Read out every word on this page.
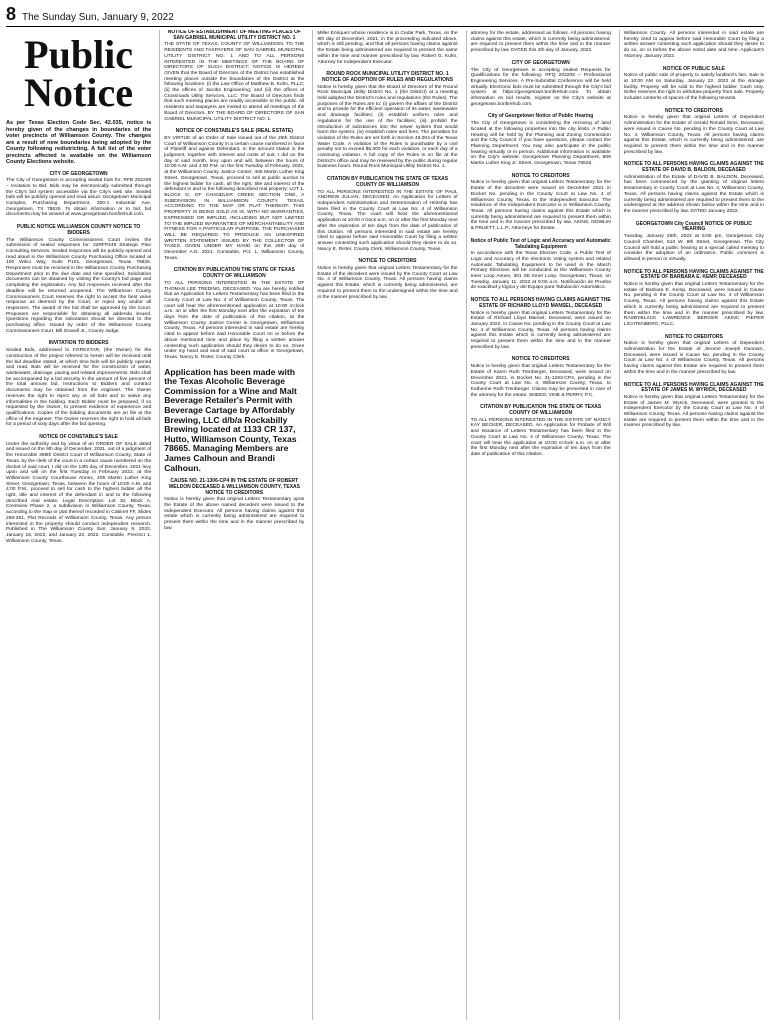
8 The Sunday Sun, January 9, 2022
Public Notice
As per Texas Election Code Sec. 42.035, notice is hereby given of the changes in boundaries of the voter precincts of Williamson County. The changes are a result of new boundaries being adopted by the County following redistricting. A full list of the voter precincts affected is available on the Williamson County Elections website.
CITY OF GEORGETOWN
The City of Georgetown is accepting sealed bids for: RFB 202209 – Invitation to Bid. Bids may be electronically submitted through the City's bid system accessible via the City's web site. Sealed bids will be publicly opened and read aloud. Georgetown Municipal Complex, Purchasing Department, 300-1 Industrial Ave, Georgetown, TX 78626. To obtain information or to bid, bid documents may be viewed at www.georgetown.bonfirehub.com.
PUBLIC NOTICE WILLIAMSON COUNTY NOTICE TO BIDDERS
The Williamson County Commissioners Court invites the submission of sealed responses for: 22RFP249 Strategic Plan Consulting Services. Sealed responses will be publicly opened and read aloud in the Williamson County Purchasing Office located at 100 Wilco Way, Suite P101, Georgetown, Texas 78626. Responses must be received in the Williamson County Purchasing Department prior to the due date and time specified. Solicitation documents can be obtained by visiting the County's bid page and completing the registration. Any bid responses received after the deadline will be returned unopened. The Williamson County Commissioners Court reserves the right to accept the best value response as deemed by the Court, or reject any and/or all responses. The award of the bid shall be approved by the Court. Proposers are responsible for obtaining all addenda issued. Questions regarding this solicitation should be directed to the purchasing office. Issued by order of the Williamson County Commissioners Court. Bill Gravell Jr., County Judge.
INVITATION TO BIDDERS
Sealed Bids, addressed to FORESTAR, (the Owner) for the construction of the project referred to herein will be received until the bid deadline stated, at which time bids will be publicly opened and read. Bids will be received for the construction of water, wastewater, drainage, paving and related improvements. Bids shall be accompanied by a bid security in the amount of five percent of the total amount bid. Instructions to Bidders and contract documents may be obtained from the engineer. The Owner reserves the right to reject any or all bids and to waive any informalities in the bidding. Each Bidder must be prepared, if so requested by the Owner, to present evidence of experience and qualifications. Copies of the bidding documents are on file at the office of the engineer. The Owner reserves the right to hold all bids for a period of sixty days after the bid opening.
NOTICE OF CONSTABLE'S SALE
Under the authority and by virtue of an ORDER OF SALE dated and issued on the 9th day of December, 2021, out of a judgment of the Honorable 368th District Court of Williamson County, State of Texas, by the clerk of the court in a certain cause numbered on the docket of said court, I did on the 13th day of December, 2021 levy upon and will on the first Tuesday in February 2022, at the Williamson County Courthouse Annex, 405 Martin Luther King Street, Georgetown, Texas, between the hours of 10:00 A.M. and 4:00 P.M., proceed to sell for cash to the highest bidder all the right, title and interest of the defendant in and to the following described real estate. Legal Description: Lot 10, Block A, Crestview Phase 2, a subdivision in Williamson County, Texas, according to the map or plat thereof recorded in Cabinet FF, Slides 260-261, Plat Records of Williamson County, Texas. Any person interested in the property should conduct independent research. Published in The Williamson County Sun, January 9, 2022, January 16, 2022, and January 23, 2022. Constable, Precinct 1, Williamson County, Texas.
NOTICE OF ESTABLISHMENT OF MEETING PLACES OF SAN GABRIEL MUNICIPAL UTILITY DISTRICT NO. 1
THE STATE OF TEXAS, COUNTY OF WILLIAMSON. TO THE RESIDENTS AND TAXPAYERS OF SAN GABRIEL MUNICIPAL UTILITY DISTRICT NO. 1 AND TO ALL PERSONS INTERESTED IN THE MEETINGS OF THE BOARD OF DIRECTORS OF SUCH DISTRICT: NOTICE IS HEREBY GIVEN that the Board of Directors of the District has established meeting places outside the boundaries of the District at the following locations: (i) the Law Office of Matthew B. Kuhn, PLLC; (ii) the offices of Jacobs Engineering; and (iii) the offices of Crossroads Utility Services, LLC. The Board of Directors finds that such meeting places are readily accessible to the public. All residents and taxpayers are invited to attend all meetings of the Board of Directors. BY THE BOARD OF DIRECTORS OF SAN GABRIEL MUNICIPAL UTILITY DISTRICT NO. 1.
NOTICE OF CONSTABLE'S SALE (REAL ESTATE)
BY VIRTUE of an Order of Sale issued out of the 26th District Court of Williamson County in a certain cause numbered in favor of Plaintiff and against Defendant, in the amount stated in the judgment, together with interest and costs of suit, I did on the day of said month, levy upon and will, between the hours of 10:00 A.M. and 4:00 P.M. on the first Tuesday of February, 2022, at the Williamson County Justice Center, 405 Martin Luther King Street, Georgetown, Texas, proceed to sell at public auction to the highest bidder for cash, all the right, title and interest of the defendant in and to the following described real property: LOT 1, BLOCK D, OF CHANDLER CREEK SECTION ONE, A SUBDIVISION IN WILLIAMSON COUNTY, TEXAS, ACCORDING TO THE MAP OR PLAT THEREOF. THIS PROPERTY IS BEING SOLD AS IS, WITH NO WARRANTIES, EXPRESSED OR IMPLIED, INCLUDING BUT NOT LIMITED TO THE IMPLIED WARRANTIES OF MERCHANTABILITY AND FITNESS FOR A PARTICULAR PURPOSE. THE PURCHASER WILL BE REQUIRED TO PRODUCE AN UNEXPIRED WRITTEN STATEMENT ISSUED BY THE COLLECTOR OF TAXES. GIVEN UNDER MY HAND on this 29th day of December A.D. 2021. Constable, Pct. 1, Williamson County, Texas.
CITATION BY PUBLICATION THE STATE OF TEXAS COUNTY OF WILLIAMSON
TO ALL PERSONS INTERESTED IN THE ESTATE OF THOMAS LEE TREDING, DECEASED. You are hereby notified that an Application for Letters Testamentary has been filed in the County Court at Law No. 4 of Williamson County, Texas. The court will hear the aforementioned application at 10:00 o'clock a.m. on or after the first Monday next after the expiration of ten days from the date of publication of this citation, at the Williamson County Justice Center in Georgetown, Williamson County, Texas. All persons interested in said estate are hereby cited to appear before said Honorable Court on or before the above mentioned time and place by filing a written answer contesting such application should they desire to do so. Given under my hand and seal of said court at office in Georgetown, Texas. Nancy E. Rister, County Clerk.
Application has been made with the Texas Alcoholic Beverage Commission for a Wine and Malt Beverage Retailer's Permit with Beverage Cartage by Affordably Brewing, LLC d/b/a Rockabilly Brewing located at 1133 CR 137, Hutto, Williamson County, Texas 78665. Managing Members are James Calhoun and Brandi Calhoun.
CAUSE NO. 21-1306-CP4 IN THE ESTATE OF ROBERT WELDON DECEASED & WILLIAMSON COUNTY, TEXAS NOTICE TO CREDITORS
Notice is hereby given that original Letters Testamentary upon the Estate of the above named decedent were issued to the Independent Executor. All persons having claims against this estate which is currently being administered are required to present them within the time and in the manner prescribed by law.
Miller Enriquez whose residence is to Cedar Park, Texas, on the 9th day of December, 2021, in the proceeding indicated above, which is still pending, and that all persons having claims against the Estate being administered are required to present the same within the time and manner prescribed by law. Robert G. Kuhn, Attorney for Independent Executor.
ROUND ROCK MUNICIPAL UTILITY DISTRICT NO. 1 NOTICE OF ADOPTION OF RULES AND REGULATIONS
Notice is hereby given that the Board of Directors of the Round Rock Municipal Utility District No. 1 (the District) at a meeting held adopted the District's rules and regulations (the Rules). The purposes of the Rules are to: (i) govern the affairs of the District and to provide for the efficient operation of its water, wastewater and drainage facilities; (ii) establish uniform rules and regulations for the use of the facilities; (iii) prohibit the introduction of substances into the sewer system that would harm the system; (iv) establish rates and fees. The penalties for violation of the Rules are set forth in Section 49.004 of the Texas Water Code. A violation of the Rules is punishable by a civil penalty not to exceed $5,000 for each violation, or each day of a continuing violation. A full copy of the Rules is on file at the District's office and may be reviewed by the public during regular business hours. Round Rock Municipal Utility District No. 1.
CITATION BY PUBLICATION THE STATE OF TEXAS COUNTY OF WILLIAMSON
TO ALL PERSONS INTERESTED IN THE ESTATE OF PAUL ANDREW JULIAN, DECEASED. An Application for Letters of Independent Administration and Determination of Heirship has been filed in the County Court at Law No. 4 of Williamson County, Texas. The court will hear the aforementioned application at 10:00 o'clock a.m. on or after the first Monday next after the expiration of ten days from the date of publication of this citation. All persons interested in said estate are hereby cited to appear before said Honorable Court by filing a written answer contesting such application should they desire to do so. Nancy E. Rister, County Clerk, Williamson County, Texas.
NOTICE TO CREDITORS
Notice is hereby given that original Letters Testamentary for the Estate of the decedent were issued by the County Court at Law No. 4 of Williamson County, Texas. All persons having claims against this Estate, which is currently being administered, are required to present them to the undersigned within the time and in the manner prescribed by law.
attorney for the estate, addressed as follows. All persons having claims against this estate, which is currently being administered, are required to present them within the time and in the manner prescribed by law. DATED this 4th day of January, 2022.
CITY OF GEORGETOWN
The City of Georgetown is accepting sealed Requests for Qualifications for the following: RFQ 202205 – Professional Engineering Services. A Pre-Submittal Conference will be held virtually. Electronic bids must be submitted through the City's bid system at https://georgetown.bonfirehub.com. To obtain information on bid results, register on the City's website at georgetown.bonfirehub.com.
City of Georgetown Notice of Public Hearing
The City of Georgetown is considering the rezoning of land located at the following properties into the city limits. A Public Hearing will be held by the Planning and Zoning Commission and the City Council. If you have questions, please contact the Planning Department. You may also participate in the public hearing virtually or in person. Additional information is available on the City's website. Georgetown Planning Department, 809 Martin Luther King Jr. Street, Georgetown, Texas 78626.
NOTICE TO CREDITORS
Notice is hereby given that original Letters Testamentary for the Estate of the decedent were issued on December 2021 in Docket No. pending in the County Court at Law No. 4 of Williamson County, Texas, to the Independent Executor. The residence of the Independent Executor is in Williamson County, Texas. All persons having claims against this Estate which is currently being administered are required to present them within the time and in the manner prescribed by law. AKINS, NOWLIN & PRUETT, L.L.P., Attorneys for Estate.
Notice of Public Test of Logic and Accuracy and Automatic Tabulating Equipment
In accordance with the Texas Election Code, a Public Test of Logic and Accuracy of the electronic voting system and related Automatic Tabulating Equipment to be used in the March Primary Elections will be conducted at the Williamson County Inner Loop Annex, 301 SE Inner Loop, Georgetown, Texas, on Tuesday, January 11, 2022 at 9:00 a.m. Notificación de Prueba de exactitud y lógica y del Equipo para Tabulación Automático.
NOTICE TO ALL PERSONS HAVING CLAIMS AGAINST THE ESTATE OF RICHARD LLOYD MANSEL, DECEASED
Notice is hereby given that original Letters Testamentary for the Estate of Richard Lloyd Mansel, Deceased, were issued on January 2022, in Cause No. pending in the County Court at Law No. 4 of Williamson County, Texas. All persons having claims against this Estate which is currently being administered are required to present them within the time and in the manner prescribed by law.
NOTICE TO CREDITORS
Notice is hereby given that original Letters Testamentary for the Estate of Karen Ruth Trenberger, Deceased, were issued on December 2021, in Docket No. 21-1293-CP4, pending in the County Court at Law No. 4, Williamson County, Texas, to Katherine Ruth Trenberger. Claims may be presented in care of the attorney for the estate. SNEED, VINE & PERRY, P.C.
CITATION BY PUBLICATION THE STATE OF TEXAS COUNTY OF WILLIAMSON
TO ALL PERSONS INTERESTED IN THE ESTATE OF NANCY KAY BECKER, DECEASED. An Application for Probate of Will and Issuance of Letters Testamentary has been filed in the County Court at Law No. 4 of Williamson County, Texas. The court will hear the application at 10:00 o'clock a.m. on or after the first Monday next after the expiration of ten days from the date of publication of this citation.
Williamson County. All persons interested in said estate are hereby cited to appear before said Honorable Court by filing a written answer contesting such application should they desire to do so, on or before the above noted date and time. Applicant's Attorney. January 2022.
NOTICE OF PUBLIC SALE
Notice of public sale of property to satisfy landlord's lien. Sale is at 10:00 AM on Saturday, January 22, 2022 at the storage facility. Property will be sold to the highest bidder. Cash only. Seller reserves the right to withdraw property from sale. Property includes contents of spaces of the following tenants.
NOTICE TO CREDITORS
Notice is hereby given that original Letters of Dependent Administration for the Estate of Gerald Ronald Sims, Deceased, were issued in Cause No. pending in the County Court at Law No. 4, Williamson County, Texas. All persons having claims against this Estate, which is currently being administered, are required to present them within the time and in the manner prescribed by law.
NOTICE TO ALL PERSONS HAVING CLAIMS AGAINST THE ESTATE OF DAVID B. BALDON, DECEASED
Administration of the Estate of DAVID B. BALDON, Deceased, has been commenced by the granting of original letters testamentary in County Court at Law No. 4, Williamson County, Texas. All persons having claims against the Estate which is currently being administered are required to present them to the undersigned at the address shown below within the time and in the manner prescribed by law. DATED January 2022.
GEORGETOWN City Council NOTICE OF PUBLIC HEARING
Tuesday, January 25th, 2022 at 6:00 pm, Georgetown City Council Chamber, 510 W. 9th Street, Georgetown. The City Council will hold a public hearing at a special called meeting to consider the adoption of an ordinance. Public comment is allowed in person or virtually.
NOTICE TO ALL PERSONS HAVING CLAIMS AGAINST THE ESTATE OF BARBARA E. KEMP, DECEASED
Notice is hereby given that original Letters Testamentary for the estate of Barbara E. Kemp, Deceased, were issued in Cause No. pending in the County Court at Law No. 4 of Williamson County, Texas. All persons having claims against this Estate which is currently being administered are required to present them within the time and in the manner prescribed by law. RASBYBLACK LAWRENCE BERGER AKINC PIEPER LICHTENBERG, PLLC.
NOTICE TO CREDITORS
Notice is hereby given that original Letters of Dependent Administration for the Estate of Jerome Joseph Dunnam, Deceased, were issued in Cause No. pending in the County Court at Law No. 4 of Williamson County, Texas. All persons having claims against this Estate are required to present them within the time and in the manner prescribed by law.
NOTICE TO ALL PERSONS HAVING CLAIMS AGAINST THE ESTATE OF JAMES M. WYRICK, DECEASED
Notice is hereby given that original Letters Testamentary for the Estate of James M. Wyrick, Deceased, were granted to the Independent Executor by the County Court at Law No. 4 of Williamson County, Texas. All persons having claims against the estate are required to present them within the time and in the manner prescribed by law.
